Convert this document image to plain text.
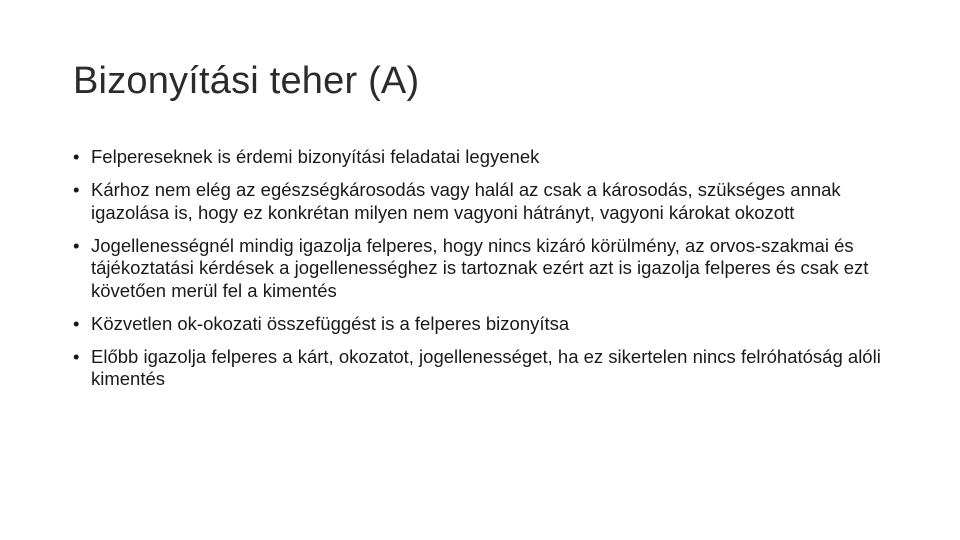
Bizonyítási teher (A)
• Felpereseknek is érdemi bizonyítási feladatai legyenek
• Kárhoz nem elég az egészségkárosodás vagy halál az csak a károsodás, szükséges annak igazolása is, hogy ez konkrétan milyen nem vagyoni hátrányt, vagyoni károkat okozott
• Jogellenességnél mindig igazolja felperes, hogy nincs kizáró körülmény, az orvos-szakmai és tájékoztatási kérdések a jogellenességhez is tartoznak ezért azt is igazolja felperes és csak ezt követően merül fel a kimentés
• Közvetlen ok-okozati összefüggést is a felperes bizonyítsa
• Előbb igazolja felperes a kárt, okozatot, jogellenességet, ha ez sikertelen nincs felróhatóság alóli kimentés
